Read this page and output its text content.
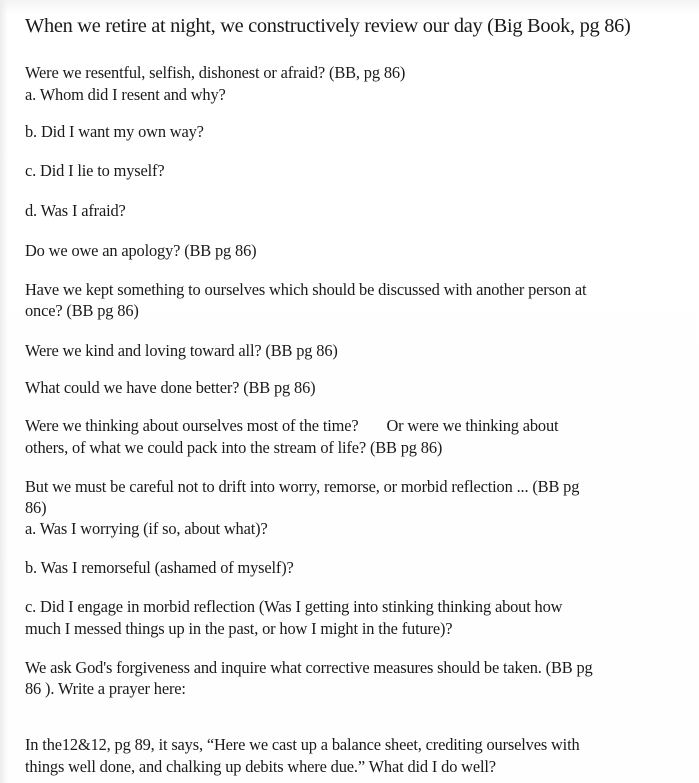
When we retire at night, we constructively review our day (Big Book, pg 86)

Were we resentful, selfish, dishonest or afraid? (BB, pg 86)

a. Whom did I resent and why?

b. Did I want my own way?

c. Did I lie to myself?

d. Was I afraid?

Do we owe an apology? (BB pg 86)

Have we kept something to ourselves which should be discussed with another person at

once? (BB pg 86)

Were we kind and loving toward all? (BB pg 86)

What could we have done better? (BB pg 86)

Were we thinking about ourselves most of the time? Or were we thinking about

others, of what we could pack into the stream of life? (BB pg 86)

But we must be careful not to drift into worry, remorse, or morbid reflection ... (BB pg

86)

a. Was I worrying (if so, about what)?

b. Was I remorseful (ashamed of myself)?

c. Did I engage in morbid reflection (Was I getting into stinking thinking about how

much I messed things up in the past, or how I might in the future)?

We ask God's forgiveness and inquire what corrective measures should be taken. (BB pg

86 ). Write a prayer here:

In the12&12, pg 89, it says, “Here we cast up a balance sheet, crediting ourselves with

things well done, and chalking up debits where due.” What did I do well?
